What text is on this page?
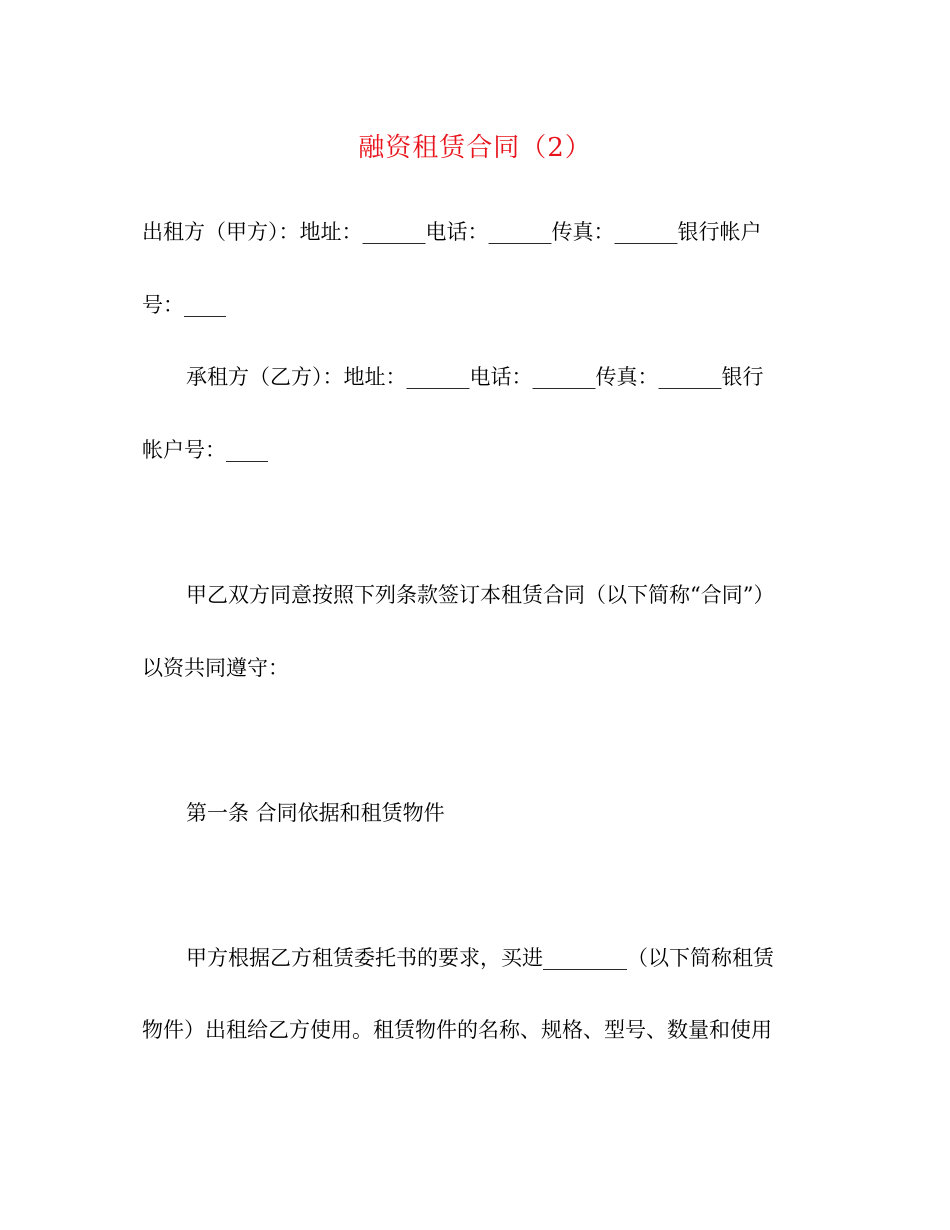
融资租赁合同（2）
出租方（甲方）：地址：______电话：______传真：______银行帐户
号：____
承租方（乙方）：地址：______电话：______传真：______银行
帐户号：____
甲乙双方同意按照下列条款签订本租赁合同（以下简称“合同”）
以资共同遵守：
第一条 合同依据和租赁物件
甲方根据乙方租赁委托书的要求，买进________（以下简称租赁
物件）出租给乙方使用。租赁物件的名称、规格、型号、数量和使用
